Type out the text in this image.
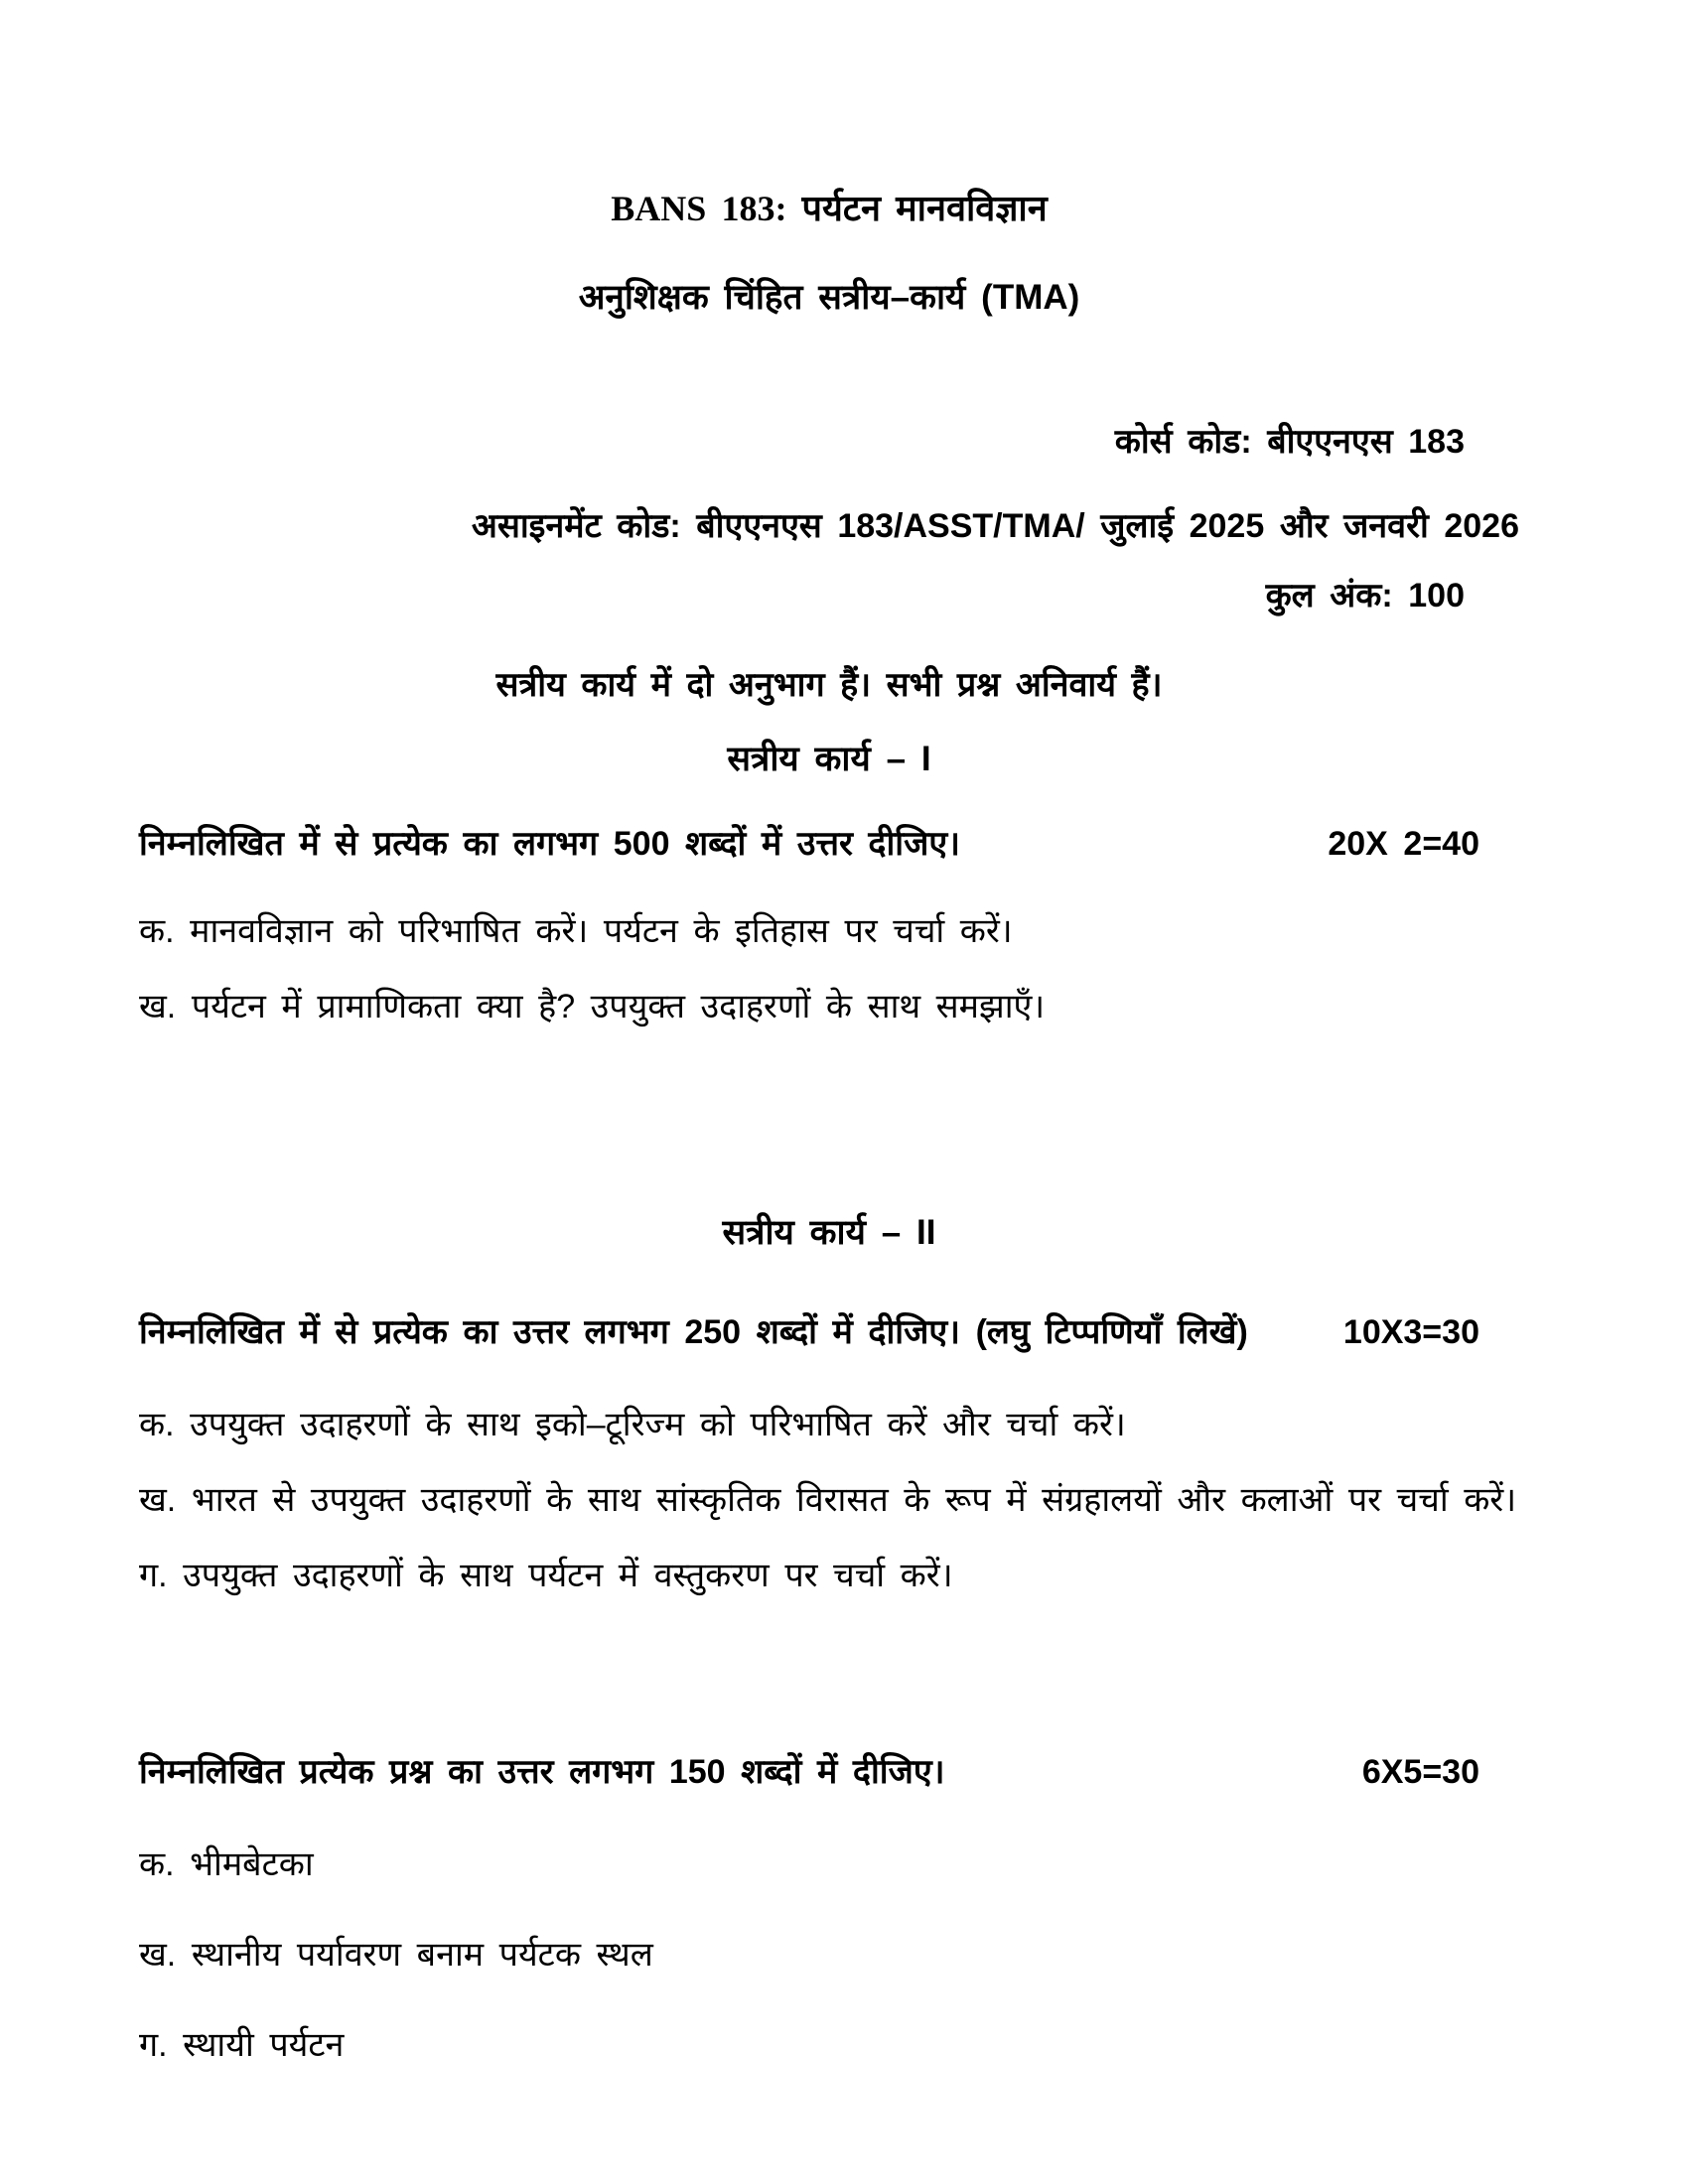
BANS 183: पर्यटन मानवविज्ञान
अनुशिक्षक चिंहित सत्रीय–कार्य (TMA)

कोर्स कोड: बीएएनएस 183

असाइनमेंट कोड: बीएएनएस 183/ASST/TMA/ जुलाई 2025 और जनवरी 2026

कुल अंक: 100

सत्रीय कार्य में दो अनुभाग हैं। सभी प्रश्न अनिवार्य हैं।

सत्रीय कार्य – I
निम्नलिखित में से प्रत्येक का लगभग 500 शब्दों में उत्तर दीजिए।	20X 2=40

क. मानवविज्ञान को परिभाषित करें। पर्यटन के इतिहास पर चर्चा करें।

ख. पर्यटन में प्रामाणिकता क्या है? उपयुक्त उदाहरणों के साथ समझाएँ।

सत्रीय कार्य – II
निम्नलिखित में से प्रत्येक का उत्तर लगभग 250 शब्दों में दीजिए। (लघु टिप्पणियाँ लिखें)	10X3=30

क. उपयुक्त उदाहरणों के साथ इको–टूरिज्म को परिभाषित करें और चर्चा करें।

ख. भारत से उपयुक्त उदाहरणों के साथ सांस्कृतिक विरासत के रूप में संग्रहालयों और कलाओं पर चर्चा करें।

ग. उपयुक्त उदाहरणों के साथ पर्यटन में वस्तुकरण पर चर्चा करें।

निम्नलिखित प्रत्येक प्रश्न का उत्तर लगभग 150 शब्दों में दीजिए।	6X5=30

क. भीमबेटका

ख. स्थानीय पर्यावरण बनाम पर्यटक स्थल

ग. स्थायी पर्यटन
